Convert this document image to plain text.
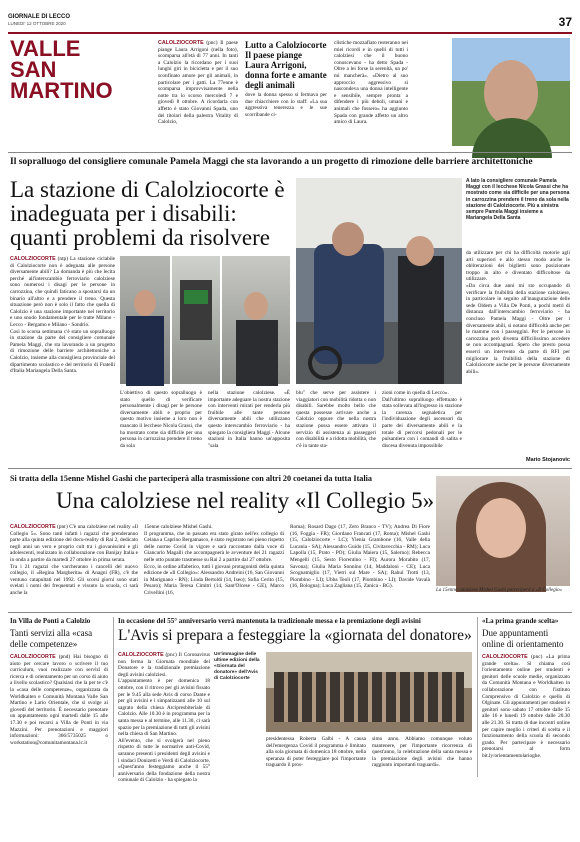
GIORNALE DI LECCO
LUNEDI' 12 OTTOBRE 2020	37
VALLE
SAN
MARTINO
CALOLZIOCORTE (pnc) Il paese piange Laura Arrigoni (nella foto), scomparsa all'età di 77 anni. In tanti a Calolzio la ricordano per i suoi lunghi giri in bicicletta e per il suo sconfinato amore per gli animali, in particolare per i gatti. La 77enne è scomparsa improvvisamente nella notte tra lo scorso mercoledì 7 e giovedì 8 ottobre. A ricordarla con affetto è stato Giovanni Spada, uno dei titolari della palestra Vitality di Calolzio,
Lutto a Calolziocorte Il paese piange Laura Arrigoni, donna forte e amante degli animali
dove la donna spesso si fermava per due chiacchiere con lo staff: «La sua aggressiva tenerezza e le sue scorribande ci-
clistiche mozzafiato resteranno nei miei ricordi e in quelli di tutti i calolziesi che il buono conoscevano - ha detto Spada - Oltre a lei forse la serenità, un po' mi mancherà». «Dietro al suo approccio aggressivo si nascondeva una donna intelligente e sensibile, sempre pronta a difendere i più deboli, umani e animali che fossero» ha aggiunto Spada con grande affetto un altro amico di Laura.
Il sopralluogo del consigliere comunale Pamela Maggi che sta lavorando a un progetto di rimozione delle barriere architettoniche
La stazione di Calolziocorte è inadeguata per i disabili: quanti problemi da risolvere
CALOLZIOCORTE (ntp) La stazione ciclabile di Calolziocorte non è adeguata alle persone diversamente abili? La domanda è più che lecita perché all'interscambio ferroviario calolziese sono numerosi i disagi per le persone in carrozzina, che quindi faticano a spostarsi da un binario all'altro e a prendere il treno. Questa situazione però non è solo il fatto che quella di Calolzio è una stazione importante nel territorio e uno snodo fondamentale per le tratte Milano - Lecco - Bergamo e Milano - Sondrio.
Così lo scorsa settimana c'è stato un sopralluogo in stazione da parte del consigliere comunale Pamela Maggi, che sta lavorando a un progetto di rimozione delle barriere architettoniche a Calolzio, insieme alla consigliera provinciale del dipartimento scolastico e del territorio di Fratelli d'Italia Mariangela Della Santa.
L'obiettivo di questo sopralluogo è stato quello di verificare personalmente i disagi per le persone diversamente abili e proprio per questo motivo insieme a loro non è mancato il lecchese Nicola Grassi, che ha mostrato come sia difficile per una persona in carrozzina prendere il treno da sola
nella stazione calolziese. «È importante adeguare la nostra stazione con interventi mirati per renderla più fruibile alle tante persone diversamente abili che utilizzano questo interscambio ferroviario - ha spiegato la consigliera Maggi - Alcune stazioni in Italia hanno un'apposita "sala
A lato la consigliere comunale Pamela Maggi con il lecchese Nicola Grassi che ha mostrato come sia difficile per una persona in carrozzina prendere il treno da sola nella stazione di Calolziocorte. Più a sinistra sempre Pamela Maggi insieme a Mariangela Della Santa
blu" che serve per assistere i viaggiatori con mobilità ridotta o non disabili. Sarebbe molto bello che questa possesse arrivare anche a Calolzio oppure che nella nostra stazione possa essere attivato il servizio di assistenza ai passeggeri con disabilità e a ridotta mobilità, che c'è in tante sta-
zioni come in quella di Lecco».
Dall'ultimo sopralluogo effettuato è stata sollevata all'ingresso in stazione la carenza segnaletica per l'individuazione degli ascensori da parte dei diversamente abili e la totale di percorsi pedonali per le pulsantiera con i comandi di salita e discesa divenuta impossibile
da utilizzare per chi ha difficoltà motorie agli arti superiori e allo stesso modo anche le obliterazioni dei biglietti sono posizionate troppo in alto e diventato difficoltose da utilizzare.
«Da circa due anni mi sto occupando di verificare la fruibilità della stazione calolziese, in particolare in seguito all'inaugurazione delle sede Oldem a Villa De Ponti, a pochi metri di distanza dall'interscambio ferroviario - ha concluso Pamela Maggi - Oltre per i diversamente abili, si notano difficoltà anche per le mamme con i passeggini. Per le persone in carrozzina però diventa difficilissimo accedere se non accompagnati. Spero che presto possa esserci un intervento da parte di RFI per migliorare la fruibilità della stazione di Calolziocorte anche per le persone diversamente abili».
Mario Stojanovic
Si tratta della 15enne Mishel Gashi che parteciperà alla trasmissione con altri 20 coetanei da tutta Italia
Una calolziese nel reality «Il Collegio 5»
CALOLZIOCORTE (pnr) C'è una calolziese nel reality «Il Collegio 5». Sono tanti infatti i ragazzi che prenderanno parte alla quinta edizione del docu-reality di Rai 2, dedicato negli anni un vero e proprio cult tra i giovanissimi e gli adolescenti, realizzato in collaborazione con Banijay Italia e in onda a partire da martedì 27 ottobre in prima serata.
Tra i 21 ragazzi che varcheranno i cancelli del nuovo collegio, il «Regina Margherita» di Anagni (FR), c'è the ventuno catapultati nel 1992. Gli scorsi giorni sono stati svelati i nomi dei frequentati e vissuto la scuola, ci sarà anche la
15enne calolziese Mishel Gashi.
Il programma, che in passato era stato girato nell'ex collegio di Celana a Caprino Bergamasco, è stato registrato nei pieno rispetto delle norme Covid in vigore e sarà raccontato dalla voce di Giancarlo Magalli che accompagnerà le avventure dei 21 ragazzi nelle otto puntate trasmesse su Rai 2 a partire dal 27 ottobre.
Ecco, in ordine alfabetico, tutti i giovani protagonisti della quinta edizione de «Il Collegio»: Alessandro Andreini (16, San Giovanni in Marignano - RN); Linda Bertoldi (14, Iseo); Sofia Cerito (15, Pesaro); Maria Teresa Cimitri (14, Sant'Olcese - GE), Marco Crivellini (16,
Roma); Rosard Dago (17, Zero Branco - TV); Andrea Di Fiore (16, Foggia - FR); Giordano Francati (17, Roma); Mishel Gashi (15, Calolziocorte - LC); Ylenia Grambone (16, Valle della Lucania - SA); Alessandro Guido (15, Civitavecchia - RM); Luca Lapolla (15, Prato - PO); Giulia Maiera (15, Salerno); Rebecca Mengelli (15, Sesto Fiorentino - FI); Aurora Morabito (17, Savona); Giulia Maria Sonnino (14, Maddaloni - CE); Luca Scognamiglio (17, Vietri sul Mare - SA); Rahul Trotti (13, Piombino - LI); Ubba Teoli (17, Piombino - LI); Davide Vavalà (16, Bologna); Luca Zagliana (15, Zanica - BG).
La 15enne calolziese Mishel Gashi parteciperà a «Il Collegio»
In Villa de Ponti a Calolzio
Tanti servizi alla «casa delle competenze»
CALOLZIOCORTE (pnd) Hai bisogno di aiuto per cercare lavoro o scrivere il tuo curriculum, vuoi realizzare con servizi di ricerca e di orientamento per un corso di aiuto a livello scolastico? Qualsiasi che la per te c'è la «casa delle competenze», organizzata da Worldkaiten e Comunità Montana Valle San Martino e Lario Orientale, che si svolge ai giovedì del territorio. È necessario prenotare un appuntamento ogni martedì dalle 15 alle 17.30 e poi recarsi a Villa de Ponti in via Mazzini. Per prenotazioni e maggiori informazioni: 366/5735025 o workstation@comunitamontana.lc.it
In occasione del 55° anniversario verrà mantenuta la tradizionale messa e la premiazione degli avisini
L'Avis si prepara a festeggiare la «giornata del donatore»
CALOLZIOCORTE (pnc) Il Coronavirus non ferma la Giornata mondiale del Donatore e la tradizionale premiazione degli avisini calolziesi.
L'appuntamento è per domenica 18 ottobre, con il ritrovo per gli avisini fissato per le 9.45 alla sede Avis di corso Dante e per gli avisini e i simpatizzanti alle 10 sul sagrato della chiesa Arcipresbiteriale di Calolzio. Alle 10.30 è in programma per la santa messa e al termine, alle 11.30, ci sarà spazio per la premiazione di tutti gli avisini nella chiesa di San Martino.
All'evento, che si svolgerà nel pieno rispetto di tutte le normative anti-Covid, saranno presenti i presidenti degli avisini e i sindaci Donizetti e Verdi di Calolziocorte. «Quest'anno festeggiamo anche il 55° anniversario della fondazione della nostra comunale di Calolzio - ha spiegato la
Un'immagine delle ultime edizioni della «Giornata del donatore» dell'Avis di Calolziocorte
presidentessa Roberta Galbi - A causa dell'emergenza Covid il programma è limitato alla sola giornata di domenica 18 ottobre, nella speranza di poter festeggiare poi l'importante traguardo il pros-
simo anno. Abbiamo comunque voluto mantenere, per l'importante ricorrenza di quest'anno, la celebrazione della santa messa e la premiazione degli avisini che hanno raggiunto importanti traguardi».
«La prima grande scelta»
Due appuntamenti online di orientamento
CALOLZIOCORTE (pnc) «La prima grande scelta». Si chiama così l'orientamento online per studenti e genitori delle scuole medie, organizzato da Comunità Montana e Worldkaiten in collaborazione con l'istituto Comprensivo di Calolzio e quello di Olginate. Gli appuntamenti per studenti e genitori sono sabato 17 ottobre dalle 15 alle 16 e lunedì 19 ottobre dalle 20.30 alle 21.30. Si tratta di due incontri online per capire meglio i criteri di scelta e il funzionamento della scuola di secondo grado. Per partecipare è necessario prenotarsi al form bit.ly/orientamentolarioghe.
